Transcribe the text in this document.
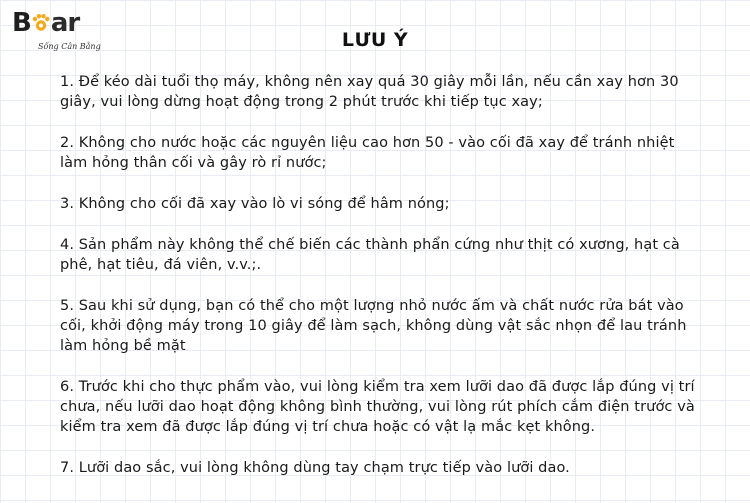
B ar
Sống Cân Bằng	LƯU Ý

1. Để kéo dài tuổi thọ máy, không nên xay quá 30 giây mỗi lần, nếu cần xay hơn 30 giây, vui lòng dừng hoạt động trong 2 phút trước khi tiếp tục xay;

2. Không cho nước hoặc các nguyên liệu cao hơn 50 - vào cối đã xay để tránh nhiệt làm hỏng thân cối và gây rò rỉ nước;

3. Không cho cối đã xay vào lò vi sóng để hâm nóng;

4. Sản phẩm này không thể chế biến các thành phẩn cứng như thịt có xương, hạt cà phê, hạt tiêu, đá viên, v.v.;.

5. Sau khi sử dụng, bạn có thể cho một lượng nhỏ nước ấm và chất nước rửa bát vào cối, khởi động máy trong 10 giây để làm sạch, không dùng vật sắc nhọn để lau tránh làm hỏng bề mặt

6. Trước khi cho thực phẩm vào, vui lòng kiểm tra xem lưỡi dao đã được lắp đúng vị trí chưa, nếu lưỡi dao hoạt động không bình thường, vui lòng rút phích cắm điện trước và kiểm tra xem đã được lắp đúng vị trí chưa hoặc có vật lạ mắc kẹt không.

7. Lưỡi dao sắc, vui lòng không dùng tay chạm trực tiếp vào lưỡi dao.
